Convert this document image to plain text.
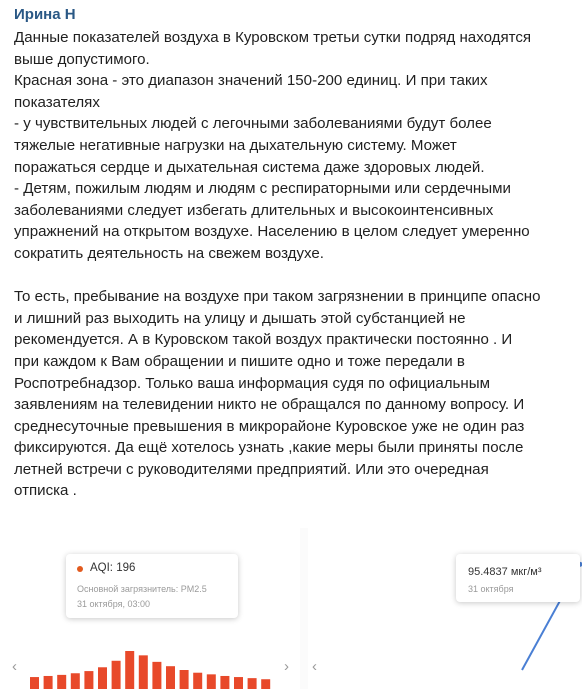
Ирина Н
Данные показателей воздуха в Куровском третьи сутки подряд находятся
выше допустимого.
Красная зона - это диапазон значений 150-200 единиц. И при таких
показателях
- у чувствительных людей с легочными заболеваниями будут более
тяжелые негативные нагрузки на дыхательную систему. Может
поражаться сердце и дыхательная система даже здоровых людей.
- Детям, пожилым людям и людям с респираторными или сердечными
заболеваниями следует избегать длительных и высокоинтенсивных
упражнений на открытом воздухе. Населению в целом следует умеренно
сократить деятельность на свежем воздухе.
То есть, пребывание на воздухе при таком загрязнении в принципе опасно
и лишний раз выходить на улицу и дышать этой субстанцией не
рекомендуется. А в Куровском такой воздух практически постоянно . И
при каждом к Вам обращении и пишите одно и тоже передали в
Роспотребнадзор. Только ваша информация судя по официальным
заявлениям на телевидении никто не обращался по данному вопросу. И
среднесуточные превышения в микрорайоне Куровское уже не один раз
фиксируются. Да ещё хотелось узнать ,какие меры были приняты после
летней встречи с руководителями предприятий. Или это очередная
отписка .
‹	›
AQI: 196
Основной загрязнитель: PM2.5
31 октября, 03:00
‹
95.4837 мкг/м³
31 октября
